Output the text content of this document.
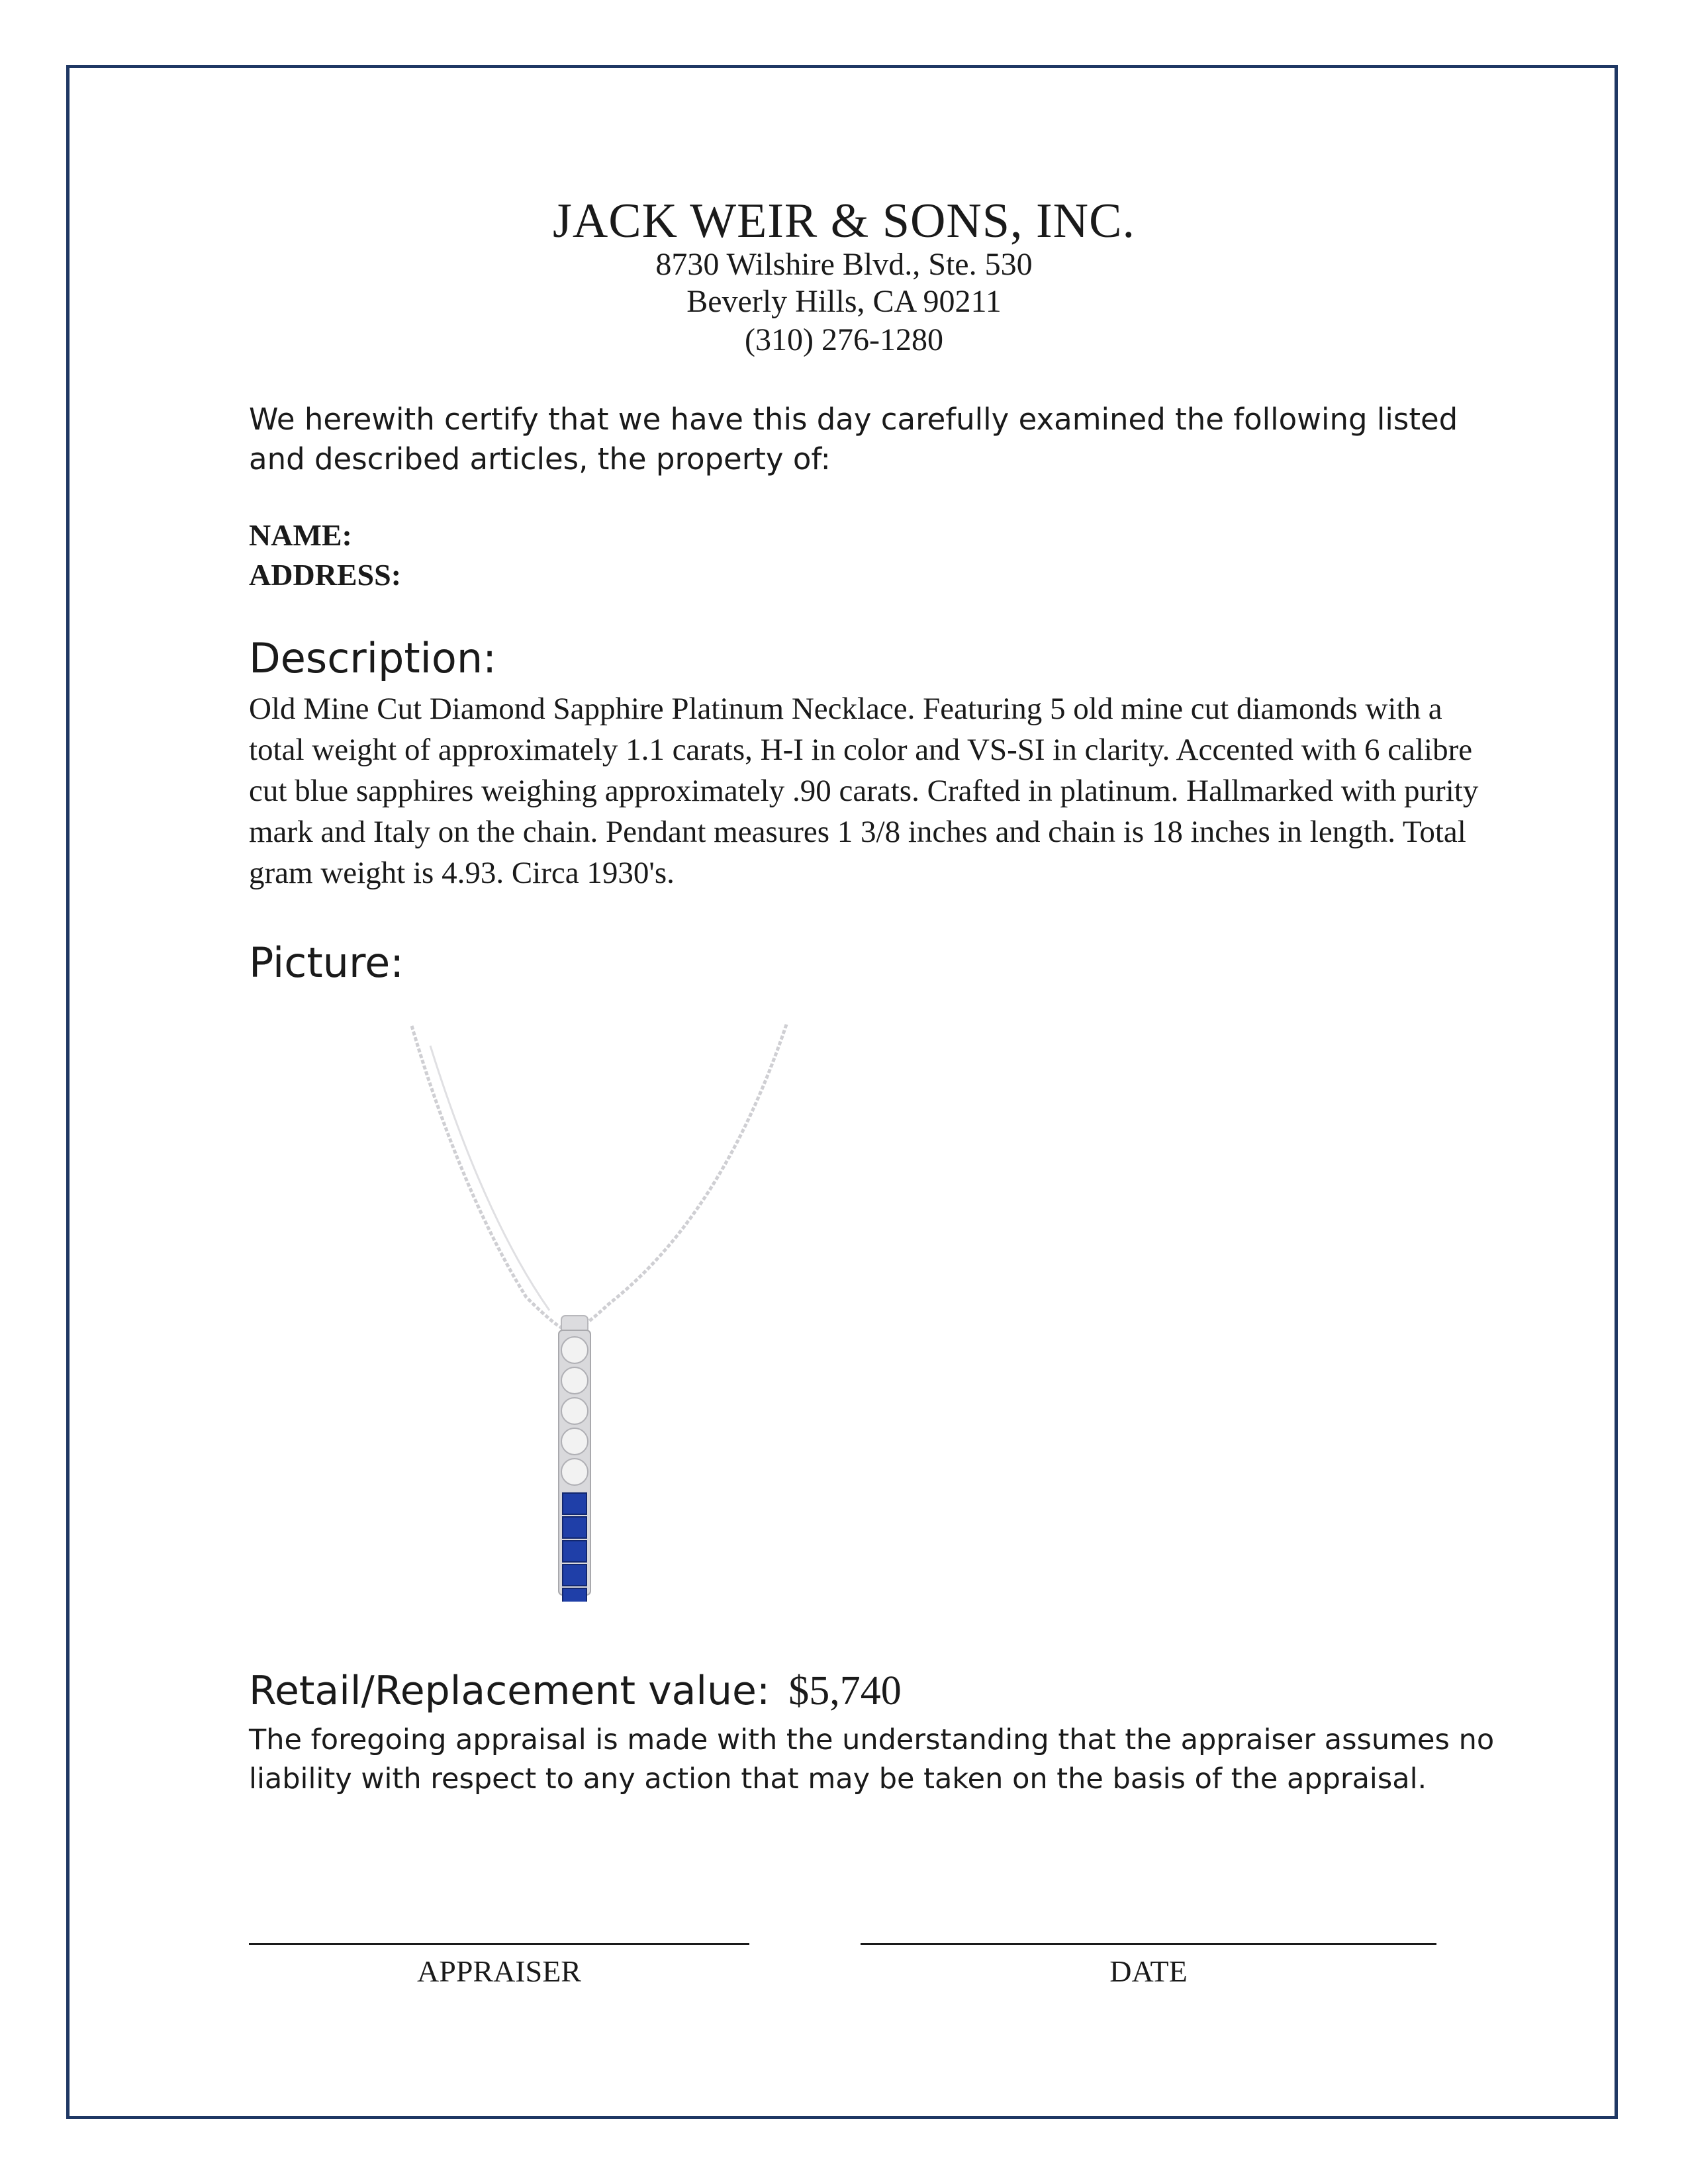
JACK WEIR & SONS, INC.
8730 Wilshire Blvd., Ste. 530
Beverly Hills, CA 90211
(310) 276-1280
We herewith certify that we have this day carefully examined the following listed and described articles, the property of:
NAME:
ADDRESS:
Description:
Old Mine Cut Diamond Sapphire Platinum Necklace. Featuring 5 old mine cut diamonds with a total weight of approximately 1.1 carats, H-I in color and VS-SI in clarity. Accented with 6 calibre cut blue sapphires weighing approximately .90 carats. Crafted in platinum. Hallmarked with purity mark and Italy on the chain. Pendant measures 1 3/8 inches and chain is 18 inches in length. Total gram weight is 4.93. Circa 1930's.
Picture:
Retail/Replacement value: $5,740
The foregoing appraisal is made with the understanding that the appraiser assumes no liability with respect to any action that may be taken on the basis of the appraisal.
APPRAISER	DATE
